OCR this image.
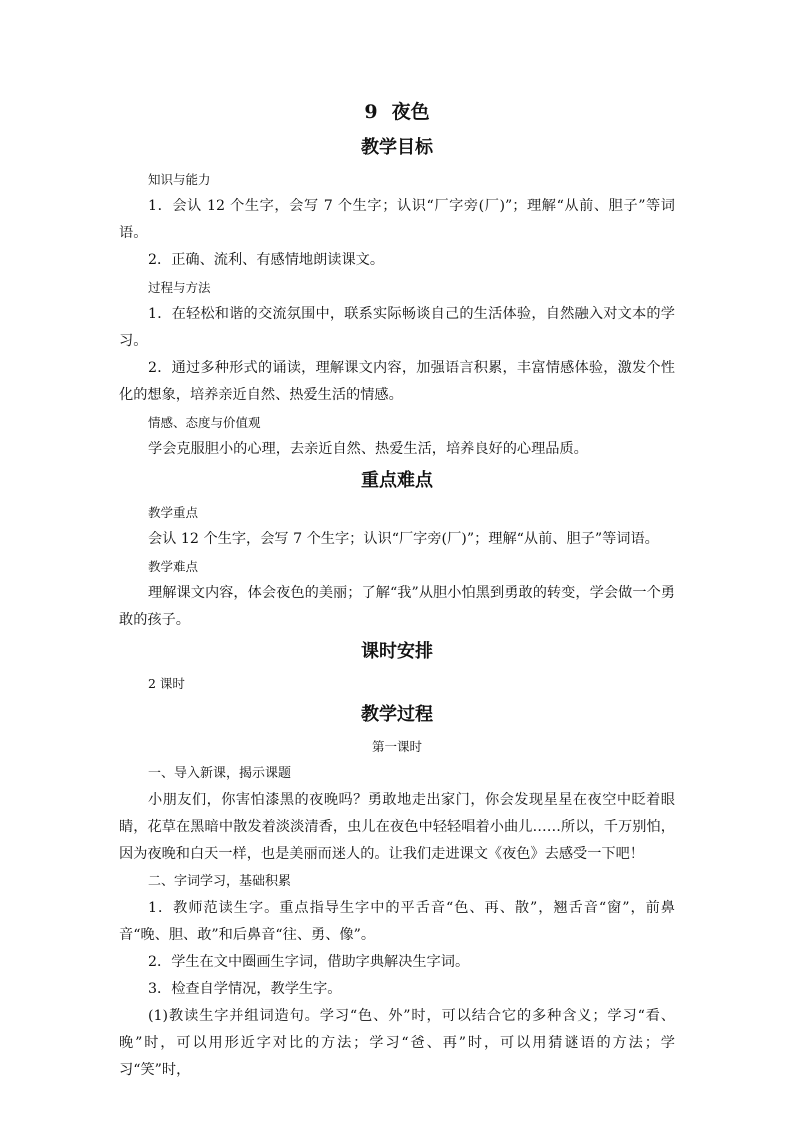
9 夜色
教学目标

知识与能力

1．会认 12 个生字，会写 7 个生字；认识“厂字旁(厂)”；理解“从前、胆子”等词语。

2．正确、流利、有感情地朗读课文。

过程与方法

1．在轻松和谐的交流氛围中，联系实际畅谈自己的生活体验，自然融入对文本的学习。

2．通过多种形式的诵读，理解课文内容，加强语言积累，丰富情感体验，激发个性化的想象，培养亲近自然、热爱生活的情感。

情感、态度与价值观

学会克服胆小的心理，去亲近自然、热爱生活，培养良好的心理品质。

重点难点

教学重点

会认 12 个生字，会写 7 个生字；认识“厂字旁(厂)”；理解“从前、胆子”等词语。

教学难点

理解课文内容，体会夜色的美丽；了解“我”从胆小怕黑到勇敢的转变，学会做一个勇敢的孩子。

课时安排

2 课时

教学过程

第一课时

一、导入新课，揭示课题

小朋友们，你害怕漆黑的夜晚吗？勇敢地走出家门，你会发现星星在夜空中眨着眼睛，花草在黑暗中散发着淡淡清香，虫儿在夜色中轻轻唱着小曲儿……所以，千万别怕，因为夜晚和白天一样，也是美丽而迷人的。让我们走进课文《夜色》去感受一下吧！

二、字词学习，基础积累

1．教师范读生字。重点指导生字中的平舌音“色、再、散”，翘舌音“窗”，前鼻音“晚、胆、敢”和后鼻音“往、勇、像”。

2．学生在文中圈画生字词，借助字典解决生字词。

3．检查自学情况，教学生字。

(1)教读生字并组词造句。学习“色、外”时，可以结合它的多种含义；学习“看、晚”时，可以用形近字对比的方法；学习“爸、再”时，可以用猜谜语的方法；学习“笑”时，
